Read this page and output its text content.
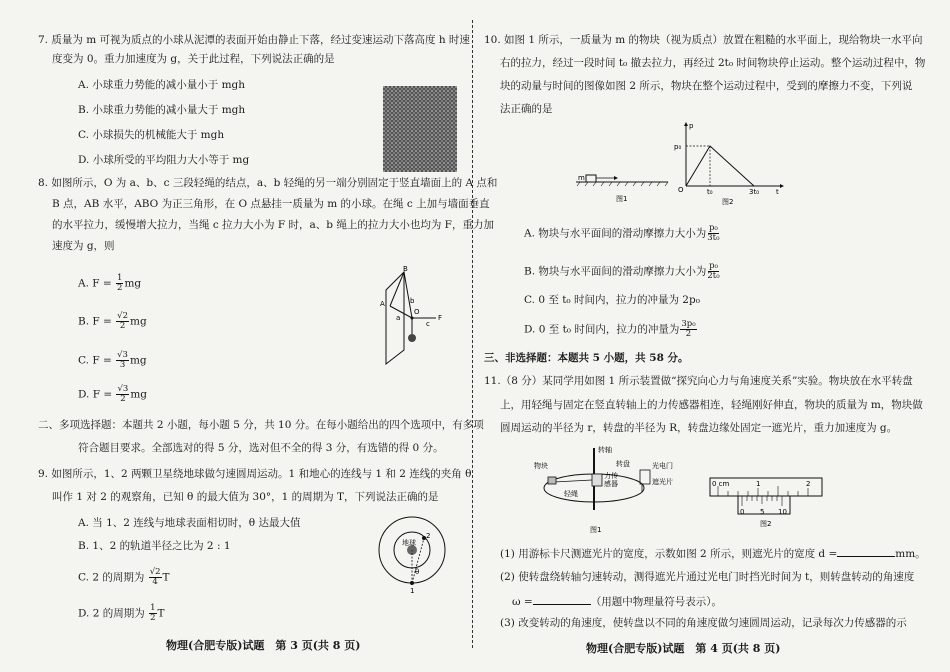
7. 质量为 m 可视为质点的小球从泥潭的表面开始由静止下落，经过变速运动下落高度 h 时速
度变为 0。重力加速度为 g，关于此过程，下列说法正确的是
A. 小球重力势能的减小量小于 mgh
B. 小球重力势能的减小量大于 mgh
C. 小球损失的机械能大于 mgh
D. 小球所受的平均阻力大小等于 mg
8. 如图所示，O 为 a、b、c 三段轻绳的结点，a、b 轻绳的另一端分别固定于竖直墙面上的 A 点和
B 点，AB 水平，ABO 为正三角形，在 O 点悬挂一质量为 m 的小球。在绳 c 上加与墙面垂直
的水平拉力，缓慢增大拉力，当绳 c 拉力大小为 F 时，a、b 绳上的拉力大小也均为 F，重力加
速度为 g，则
A. $F = \frac{1}{2}$ mg
B. $F = \frac{√2}{2}$ mg
C. $F = \frac{√3}{3}$ mg
D. $F = \frac{√3}{2}$ mg
B
A
a
b
O
c
F
二、多项选择题：本题共 2 小题，每小题 5 分，共 10 分。在每小题给出的四个选项中，有多项
符合题目要求。全部选对的得 5 分，选对但不全的得 3 分，有选错的得 0 分。
9. 如图所示，1、2 两颗卫星绕地球做匀速圆周运动。1 和地心的连线与 1 和 2 连线的夹角 θ
叫作 1 对 2 的观察角，已知 θ 的最大值为 30°，1 的周期为 T，下列说法正确的是
A. 当 1、2 连线与地球表面相切时，θ 达最大值
B. 1、2 的轨道半径之比为 2 : 1
C. 2 的周期为 $\frac{√2}{4}$ T
D. 2 的周期为 $\frac{1}{2}$ T
地球
2
θ
1
物理(合肥专版)试题　第 3 页(共 8 页)
10. 如图 1 所示，一质量为 m 的物块（视为质点）放置在粗糙的水平面上，现给物块一水平向
右的拉力，经过一段时间 t₀ 撤去拉力，再经过 2t₀ 时间物块停止运动。整个运动过程中，物
块的动量与时间的图像如图 2 所示，物块在整个运动过程中，受到的摩擦力不变，下列说
法正确的是
m
图1
p
p₀
O	t₀	3t₀ t
图2
A. 物块与水平面间的滑动摩擦力大小为 $\frac{\text{p₀}}{\text{3t₀}}$
B. 物块与水平面间的滑动摩擦力大小为 $\frac{\text{p₀}}{\text{2t₀}}$
C. 0 至 t₀ 时间内，拉力的冲量为 2p₀
D. 0 至 t₀ 时间内，拉力的冲量为 $\frac{\text{3p₀}}{2}$
三、非选择题：本题共 5 小题，共 58 分。
11.（8 分）某同学用如图 1 所示装置做“探究向心力与角速度关系”实验。物块放在水平转盘
上，用轻绳与固定在竖直转轴上的力传感器相连，轻绳刚好伸直，物块的质量为 m，物块做
圆周运动的半径为 r，转盘的半径为 R，转盘边缘处固定一遮光片，重力加速度为 g。
转轴
物块	转盘	光电门
力传
感器
轻绳
遮光片
图1
0 cm	1	2
0 5 10
图2
(1) 用游标卡尺测遮光片的宽度，示数如图 2 所示，则遮光片的宽度 d =	mm。
(2) 使转盘绕转轴匀速转动，测得遮光片通过光电门时挡光时间为 t，则转盘转动的角速度
ω =	（用题中物理量符号表示）。
(3) 改变转动的角速度，使转盘以不同的角速度做匀速圆周运动，记录每次力传感器的示
物理(合肥专版)试题　第 4 页(共 8 页)
